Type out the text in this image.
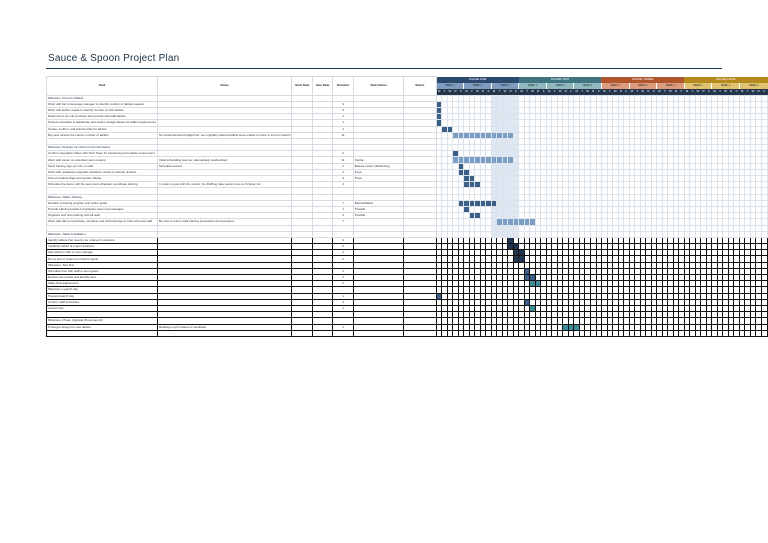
Sauce & Spoon Project Plan
Task	Notes	Start Date	Due Date	Duration	Task Owner	Status	PHASE ONE	PHASE TWO	PHASE THREE	PHASE FOUR
WEEK 1	WEEK 2	WEEK 3	WEEK 1	WEEK 2	WEEK 3	WEEK 1	WEEK 2	WEEK 3	WEEK 1	WEEK 2	WEEK 3
M	T	W	R	F	M	T	W	R	F	M	T	W	R	F	M	T	W	R	F	M	T	W	R	F	M	T	W	R	F	M	T	W	R	F	M	T	W	R	F	M	T	W	R	F	M	T	W	R	F	M	T	W	R	F	M	T	W	R	F
Milestone: Procure Tablets																																																																		
Work with bar & beverage manager to identify number of tablets needed				3																																																														
Work with kitchen leads to identify number of chef tablets				3																																																														
Determine if we will purchase and provide wait staff tablets				1																																																														
Present estimates to leadership and ensure budget allows for tablet requirements				1																																																														
Create, confirm, and submit order for tablets				4																																																														
Buy and receive the correct number of tablets	No reimbursement budget line; we originally ordered tablets were unable to come in time for launch			11																																																														

Milestone: Prepare for rollout to Internal Teams																																																																		
Confirm integration dates with Tech Team for functioning and stable environment				2																																																														
Work with owner on potential menu revamp	Initial scheduling was too; alternatively rescheduled			11	Sunita																																																													
Send training sign-up form to staff	Schedule revised			1	Bettina Lowen (Marketing)																																																													
Work with restaurant upgrade/ hardware vendor to identify timeline				4	Priya																																																													
Test out feature flags and system fidelity				3	Priya																																																													
Schedule the demo with the team and schedule/ coordinate training	In order to post with the vendor, the Ruffhog date would move to October 1st			4																																																														

Milestone: Tablet Training																																																																		
Develop a training program and online guide				7	Bettina/Marko																																																													
Provide training booklet to hardware team and managers				1	Priscilla																																																													
Organize and host training with all staff				3	Priscilla																																																													
Work with HR to coordinate, complete and hold trainings to front-of-house staff	Be sure to inform staff training procedures and questions			7																																																														

Milestone: Tablet Installation																																																																		
Identify tablets that need to be ordered in advance				3																																																														
Install the tablet at proper locations				5																																																														
Alert kitchen staff of new changes				2																																																														
Run a test of system to confirm inputs				2																																																														
Milestone: Test Run																																																																		
Schedule time with staff to test system				3																																																														
Review test results and identify fixes				4																																																														
Make final adjustments				2																																																														
Milestone: Launch day																																																																		
Prepare launch day				1																																																														
Confirm staff schedules				4																																																														
Launch day				1																																																														

Milestone: Phase Upgrade (Post-Launch)																																																																		
Prototype design for new tablets	Redesign sprint based on feedback			4																																																														
